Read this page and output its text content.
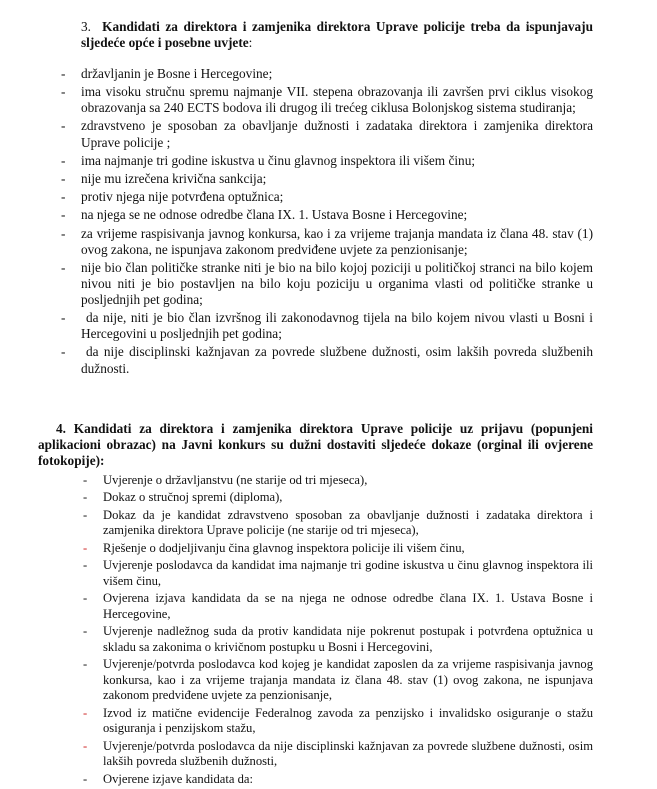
3. Kandidati za direktora i zamjenika direktora Uprave policije treba da ispunjavaju sljedeće opće i posebne uvjete:
- državljanin je Bosne i Hercegovine;
- ima visoku stručnu spremu najmanje VII. stepena obrazovanja ili završen prvi ciklus visokog obrazovanja sa 240 ECTS bodova ili drugog ili trećeg ciklusa Bolonjskog sistema studiranja;
- zdravstveno je sposoban za obavljanje dužnosti i zadataka direktora i zamjenika direktora Uprave policije ;
- ima najmanje tri godine iskustva u činu glavnog inspektora ili višem činu;
- nije mu izrečena krivična sankcija;
- protiv njega nije potvrđena optužnica;
- na njega se ne odnose odredbe člana IX. 1. Ustava Bosne i Hercegovine;
- za vrijeme raspisivanja javnog konkursa, kao i za vrijeme trajanja mandata iz člana 48. stav (1) ovog zakona, ne ispunjava zakonom predviđene uvjete za penzionisanje;
- nije bio član političke stranke niti je bio na bilo kojoj poziciji u političkoj stranci na bilo kojem nivou niti je bio postavljen na bilo koju poziciju u organima vlasti od političke stranke u posljednjih pet godina;
- da nije, niti je bio član izvršnog ili zakonodavnog tijela na bilo kojem nivou vlasti u Bosni i Hercegovini u posljednjih pet godina;
- da nije disciplinski kažnjavan za povrede službene dužnosti, osim lakših povreda službenih dužnosti.
4. Kandidati za direktora i zamjenika direktora Uprave policije uz prijavu (popunjeni aplikacioni obrazac) na Javni konkurs su dužni dostaviti sljedeće dokaze (orginal ili ovjerene fotokopije):
- Uvjerenje o državljanstvu (ne starije od tri mjeseca),
- Dokaz o stručnoj spremi (diploma),
- Dokaz da je kandidat zdravstveno sposoban za obavljanje dužnosti i zadataka direktora i zamjenika direktora Uprave policije (ne starije od tri mjeseca),
- Rješenje o dodjeljivanju čina glavnog inspektora policije ili višem činu,
- Uvjerenje poslodavca da kandidat ima najmanje tri godine iskustva u činu glavnog inspektora ili višem činu,
- Ovjerena izjava kandidata da se na njega ne odnose odredbe člana IX. 1. Ustava Bosne i Hercegovine,
- Uvjerenje nadležnog suda da protiv kandidata nije pokrenut postupak i potvrđena optužnica u skladu sa zakonima o krivičnom postupku u Bosni i Hercegovini,
- Uvjerenje/potvrda poslodavca kod kojeg je kandidat zaposlen da za vrijeme raspisivanja javnog konkursa, kao i za vrijeme trajanja mandata iz člana 48. stav (1) ovog zakona, ne ispunjava zakonom predviđene uvjete za penzionisanje,
- Izvod iz matične evidencije Federalnog zavoda za penzijsko i invalidsko osiguranje o stažu osiguranja i penzijskom stažu,
- Uvjerenje/potvrda poslodavca da nije disciplinski kažnjavan za povrede službene dužnosti, osim lakših povreda službenih dužnosti,
- Ovjerene izjave kandidata da:
